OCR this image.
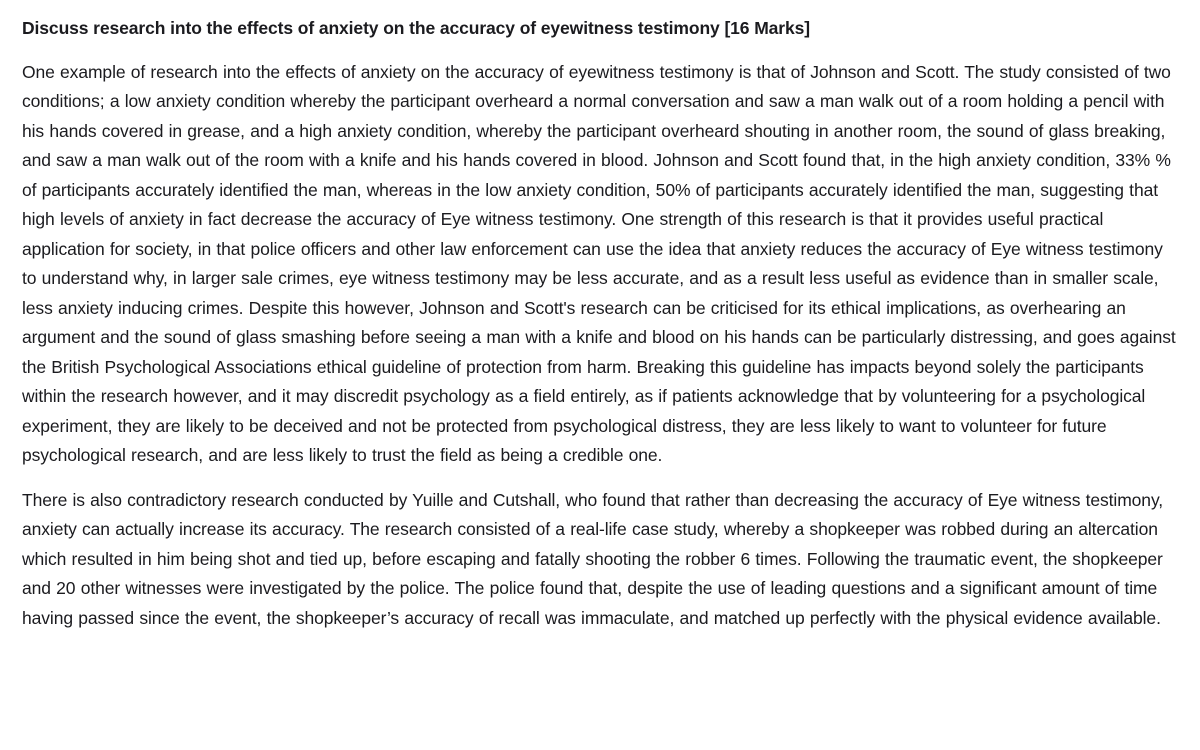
Discuss research into the effects of anxiety on the accuracy of eyewitness testimony [16 Marks]

One example of research into the effects of anxiety on the accuracy of eyewitness testimony is that of Johnson and Scott. The study consisted of two conditions; a low anxiety condition whereby the participant overheard a normal conversation and saw a man walk out of a room holding a pencil with his hands covered in grease, and a high anxiety condition, whereby the participant overheard shouting in another room, the sound of glass breaking, and saw a man walk out of the room with a knife and his hands covered in blood. Johnson and Scott found that, in the high anxiety condition, 33% % of participants accurately identified the man, whereas in the low anxiety condition, 50% of participants accurately identified the man, suggesting that high levels of anxiety in fact decrease the accuracy of Eye witness testimony. One strength of this research is that it provides useful practical application for society, in that police officers and other law enforcement can use the idea that anxiety reduces the accuracy of Eye witness testimony to understand why, in larger sale crimes, eye witness testimony may be less accurate, and as a result less useful as evidence than in smaller scale, less anxiety inducing crimes. Despite this however, Johnson and Scott's research can be criticised for its ethical implications, as overhearing an argument and the sound of glass smashing before seeing a man with a knife and blood on his hands can be particularly distressing, and goes against the British Psychological Associations ethical guideline of protection from harm. Breaking this guideline has impacts beyond solely the participants within the research however, and it may discredit psychology as a field entirely, as if patients acknowledge that by volunteering for a psychological experiment, they are likely to be deceived and not be protected from psychological distress, they are less likely to want to volunteer for future psychological research, and are less likely to trust the field as being a credible one.

There is also contradictory research conducted by Yuille and Cutshall, who found that rather than decreasing the accuracy of Eye witness testimony, anxiety can actually increase its accuracy. The research consisted of a real-life case study, whereby a shopkeeper was robbed during an altercation which resulted in him being shot and tied up, before escaping and fatally shooting the robber 6 times. Following the traumatic event, the shopkeeper and 20 other witnesses were investigated by the police. The police found that, despite the use of leading questions and a significant amount of time having passed since the event, the shopkeeper’s accuracy of recall was immaculate, and matched up perfectly with the physical evidence available.
